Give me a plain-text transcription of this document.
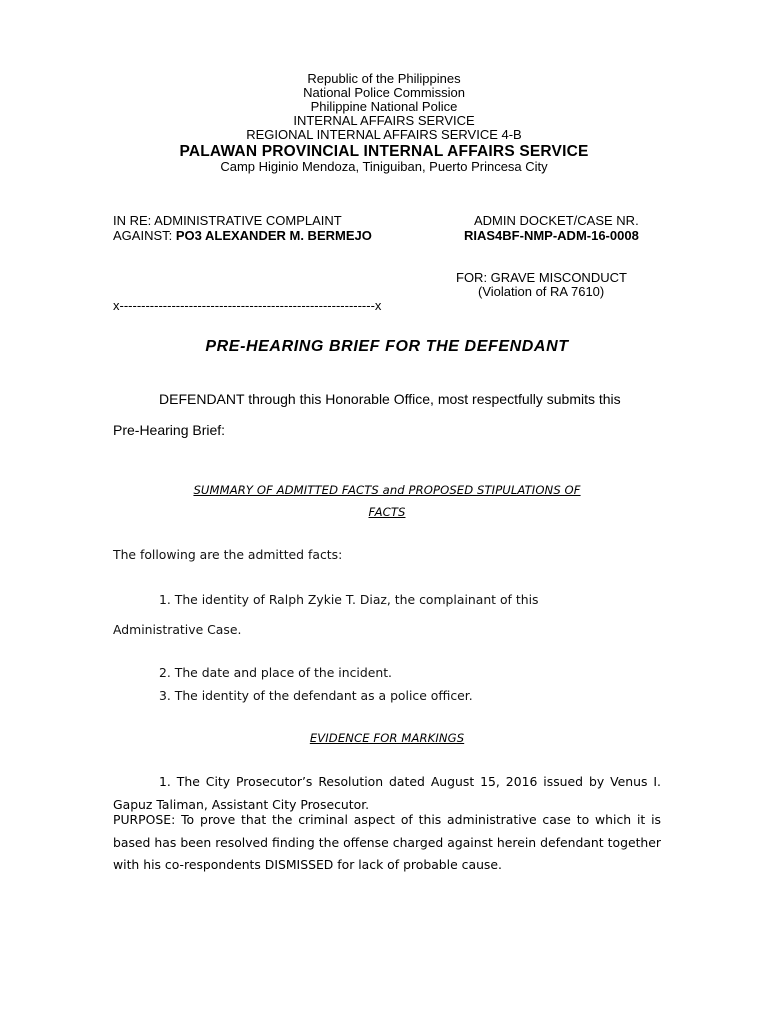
Republic of the Philippines
National Police Commission
Philippine National Police
INTERNAL AFFAIRS SERVICE
REGIONAL INTERNAL AFFAIRS SERVICE 4-B
PALAWAN PROVINCIAL INTERNAL AFFAIRS SERVICE
Camp Higinio Mendoza, Tiniguiban, Puerto Princesa City
IN RE: ADMINISTRATIVE COMPLAINT
AGAINST: PO3 ALEXANDER M. BERMEJO
ADMIN DOCKET/CASE NR.
RIAS4BF-NMP-ADM-16-0008
FOR: GRAVE MISCONDUCT
(Violation of RA 7610)
x-----------------------------------------------------------x
PRE-HEARING BRIEF FOR THE DEFENDANT
DEFENDANT through this Honorable Office, most respectfully submits this
Pre-Hearing Brief:
SUMMARY OF ADMITTED FACTS and PROPOSED STIPULATIONS OF
FACTS
The following are the admitted facts:
1. The identity of Ralph Zykie T. Diaz, the complainant of this
Administrative Case.
2. The date and place of the incident.
3. The identity of the defendant as a police officer.
EVIDENCE FOR MARKINGS
1. The City Prosecutor’s Resolution dated August 15, 2016 issued by Venus I. Gapuz Taliman, Assistant City Prosecutor.
PURPOSE: To prove that the criminal aspect of this administrative case to which it is based has been resolved finding the offense charged against herein defendant together with his co-respondents DISMISSED for lack of probable cause.
